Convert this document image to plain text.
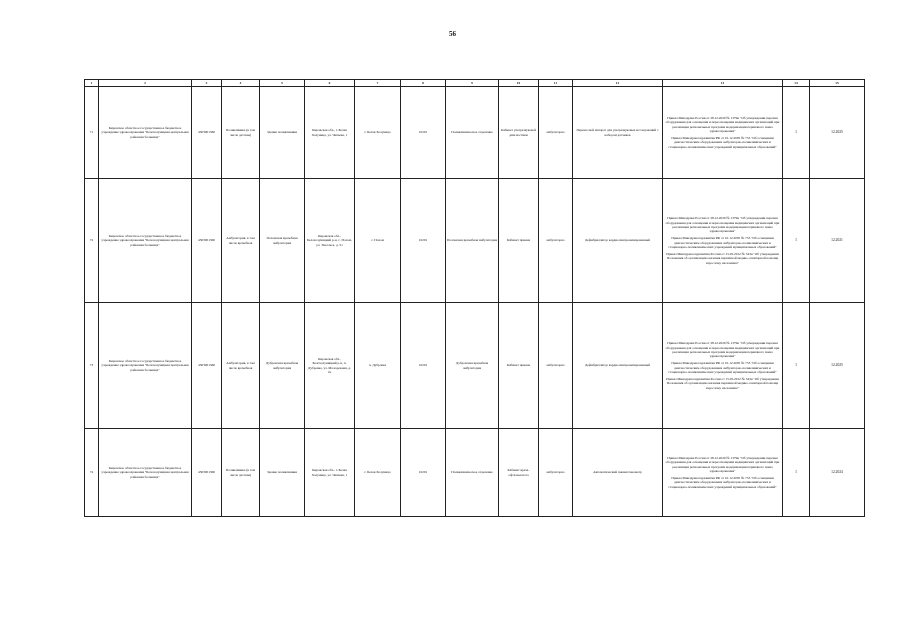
56
1	2	3	4	5	6	7	8	9	10	11	12	13	14	15
71	Кировское областное государственное бюджетное учреждение здравоохранения "Белохолуницкая центральная районная больница"	4303001360	Поликлиника (в том числе детская)	Здание поликлиники	Кировская обл., г. Белая Холуница, ул. Чапаева, 1	г. Белая Холуница	10201	Поликлиническое отделение	Кабинет ультразвуковой диагностики	амбулаторно	Переносной аппарат для ультразвуковых исследований с набором датчиков	Приказ Минздрава России от 28.12.2020 № 1379н "Об утверждении перечня оборудования для оснащения и переоснащения медицинских организаций при реализации региональных программ модернизации первичного звена здравоохранения"

Приказ Минздравсоцразвития РФ от 01.12.2005 № 753 "Об оснащении диагностическим оборудованием амбулаторно-поликлинических и стационарно-поликлинических учреждений муниципальных образований"	1	12.2025
72	Кировское областное государственное бюджетное учреждение здравоохранения "Белохолуницкая центральная районная больница"	4303001360	Амбулатория, в том числе врачебная	Поломская врачебная амбулатория	Кировская обл., Белохолуницкий р-н, с. Полом, ул. Энгельса, д. 51	с. Полом	10201	Поломская врачебная амбулатория	Кабинет приема	амбулаторно	Дефибриллятор кардиосинхронизированный	Приказ Минздрава России от 28.12.2020 № 1379н "Об утверждении перечня оборудования для оснащения и переоснащения медицинских организаций при реализации региональных программ модернизации первичного звена здравоохранения"

Приказ Минздравсоцразвития РФ от 01.12.2005 № 753 "Об оснащении диагностическим оборудованием амбулаторно-поликлинических и стационарно-поликлинических учреждений муниципальных образований"

Приказ Минздравсоцразвития России от 15.05.2012 № 543н "Об утверждении Положения об организации оказания первичной медико-санитарной помощи взрослому населению"	1	12.2021
73	Кировское областное государственное бюджетное учреждение здравоохранения "Белохолуницкая центральная районная больница"	4303001360	Амбулатория, в том числе врачебная	Дубровская врачебная амбулатория	Кировская обл., Белохолуницкий р-н, п. Дубровка, ул. Молодежная, д. 2а	п. Дубровка	10201	Дубровская врачебная амбулатория	Кабинет приема	амбулаторно	Дефибриллятор кардиосинхронизированный	Приказ Минздрава России от 28.12.2020 № 1379н "Об утверждении перечня оборудования для оснащения и переоснащения медицинских организаций при реализации региональных программ модернизации первичного звена здравоохранения"

Приказ Минздравсоцразвития РФ от 01.12.2005 № 753 "Об оснащении диагностическим оборудованием амбулаторно-поликлинических и стационарно-поликлинических учреждений муниципальных образований"

Приказ Минздравсоцразвития России от 15.05.2012 № 543н "Об утверждении Положения об организации оказания первичной медико-санитарной помощи взрослому населению"	1	12.2025
74	Кировское областное государственное бюджетное учреждение здравоохранения "Белохолуницкая центральная районная больница"	4303001360	Поликлиника (в том числе детская)	Здание поликлиники	Кировская обл., г. Белая Холуница, ул. Чапаева, 1	г. Белая Холуница	10201	Поликлиническое отделение	Кабинет врача-офтальмолога	амбулаторно	Автоматический пневмотонометр	Приказ Минздрава России от 28.12.2020 № 1379н "Об утверждении перечня оборудования для оснащения и переоснащения медицинских организаций при реализации региональных программ модернизации первичного звена здравоохранения"

Приказ Минздравсоцразвития РФ от 01.12.2005 № 753 "Об оснащении диагностическим оборудованием амбулаторно-поликлинических и стационарно-поликлинических учреждений муниципальных образований"	1	12.2024
